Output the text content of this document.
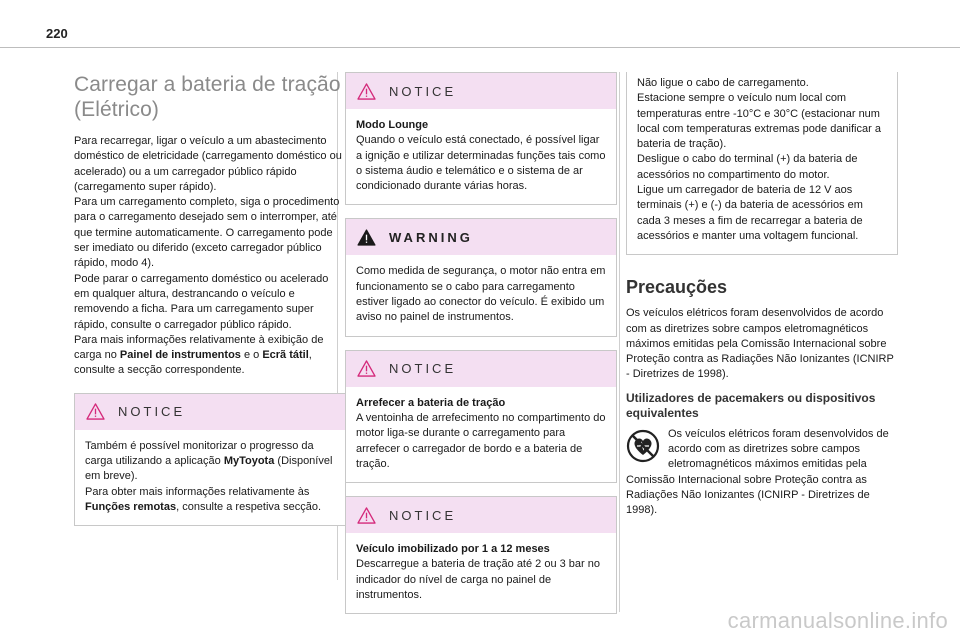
220
Carregar a bateria de tração (Elétrico)
Para recarregar, ligar o veículo a um abastecimento doméstico de eletricidade (carregamento doméstico ou acelerado) ou a um carregador público rápido (carregamento super rápido).
Para um carregamento completo, siga o procedimento para o carregamento desejado sem o interromper, até que termine automaticamente. O carregamento pode ser imediato ou diferido (exceto carregador público rápido, modo 4).
Pode parar o carregamento doméstico ou acelerado em qualquer altura, destrancando o veículo e removendo a ficha. Para um carregamento super rápido, consulte o carregador público rápido.
Para mais informações relativamente à exibição de carga no Painel de instrumentos e o Ecrã tátil, consulte a secção correspondente.
NOTICE
Também é possível monitorizar o progresso da carga utilizando a aplicação MyToyota (Disponível em breve).
Para obter mais informações relativamente às Funções remotas, consulte a respetiva secção.
NOTICE
Modo Lounge
Quando o veículo está conectado, é possível ligar a ignição e utilizar determinadas funções tais como o sistema áudio e telemático e o sistema de ar condicionado durante várias horas.
WARNING
Como medida de segurança, o motor não entra em funcionamento se o cabo para carregamento estiver ligado ao conector do veículo. É exibido um aviso no painel de instrumentos.
NOTICE
Arrefecer a bateria de tração
A ventoinha de arrefecimento no compartimento do motor liga-se durante o carregamento para arrefecer o carregador de bordo e a bateria de tração.
NOTICE
Veículo imobilizado por 1 a 12 meses
Descarregue a bateria de tração até 2 ou 3 bar no indicador do nível de carga no painel de instrumentos.
Não ligue o cabo de carregamento.
Estacione sempre o veículo num local com temperaturas entre -10°C e 30°C (estacionar num local com temperaturas extremas pode danificar a bateria de tração).
Desligue o cabo do terminal (+) da bateria de acessórios no compartimento do motor.
Ligue um carregador de bateria de 12 V aos terminais (+) e (-) da bateria de acessórios em cada 3 meses a fim de recarregar a bateria de acessórios e manter uma voltagem funcional.
Precauções
Os veículos elétricos foram desenvolvidos de acordo com as diretrizes sobre campos eletromagnéticos máximos emitidas pela Comissão Internacional sobre Proteção contra as Radiações Não Ionizantes (ICNIRP - Diretrizes de 1998).
Utilizadores de pacemakers ou dispositivos equivalentes
Os veículos elétricos foram desenvolvidos de acordo com as diretrizes sobre campos eletromagnéticos máximos emitidas pela Comissão Internacional sobre Proteção contra as Radiações Não Ionizantes (ICNIRP - Diretrizes de 1998).
carmanualsonline.info
